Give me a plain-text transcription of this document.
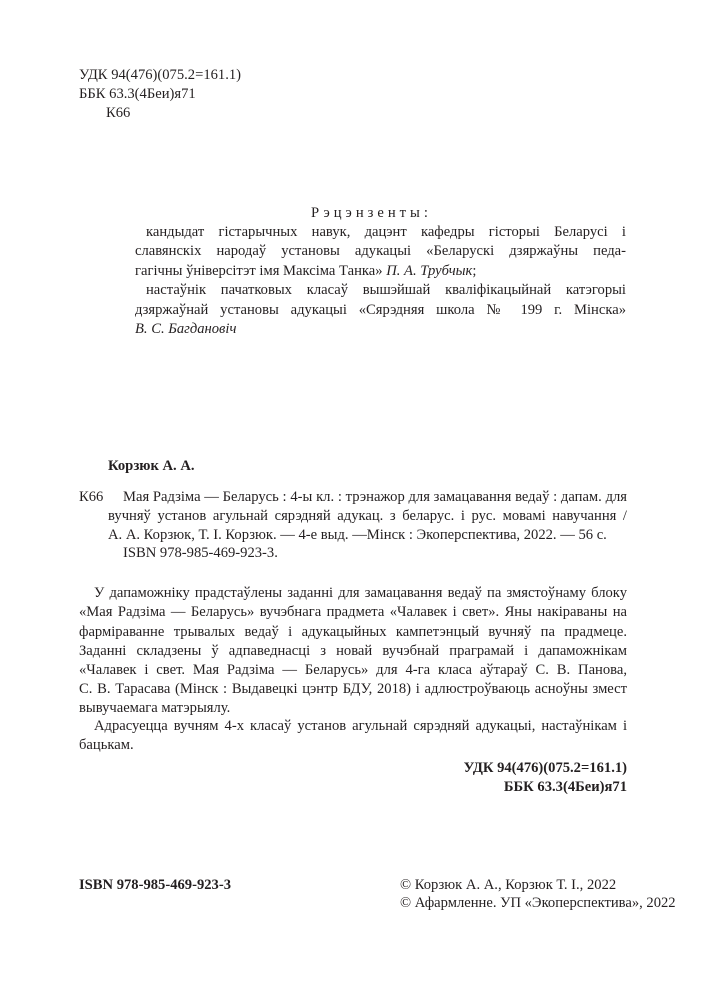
УДК 94(476)(075.2=161.1)
ББК 63.3(4Беи)я71
К66
Рэцэнзенты:
кандыдат гістарычных навук, дацэнт кафедры гісторыі Беларусі і
славянскіх народаў установы адукацыі «Беларускі дзяржаўны педа-
гагічны ўніверсітэт імя Максіма Танка» П. А. Трубчык;
настаўнік пачатковых класаў вышэйшай кваліфікацыйнай катэгорыі
дзяржаўнай установы адукацыі «Сярэдняя школа № 199 г. Мінска»
В. С. Багдановіч
Корзюк А. А.
К66 Мая Радзіма — Беларусь : 4-ы кл. : трэнажор для замацавання ведаў : дапам. для
вучняў установ агульнай сярэдняй адукац. з беларус. і рус. мовамі навучання /
А. А. Корзюк, Т. І. Корзюк. — 4-е выд. —Мінск : Экоперспектива, 2022. — 56 с.
ISBN 978-985-469-923-3.
У дапаможніку прадстаўлены заданні для замацавання ведаў па змястоўнаму блоку
«Мая Радзіма — Беларусь» вучэбнага прадмета «Чалавек і свет». Яны накіраваны на
фарміраванне трывалых ведаў і адукацыйных кампетэнцый вучняў па прадмеце.
Заданні складзены ў адпаведнасці з новай вучэбнай праграмай і дапаможнікам
«Чалавек і свет. Мая Радзіма — Беларусь» для 4-га класа аўтараў С. В. Панова,
С. В. Тарасава (Мінск : Выдавецкі цэнтр БДУ, 2018) і адлюстроўваюць асноўны змест
вывучаемага матэрыялу.
Адрасуецца вучням 4-х класаў установ агульнай сярэдняй адукацыі, настаўнікам і
бацькам.
УДК 94(476)(075.2=161.1)
ББК 63.3(4Беи)я71
ISBN 978-985-469-923-3	© Корзюк А. А., Корзюк Т. І., 2022
© Афармленне. УП «Экоперспектива», 2022
